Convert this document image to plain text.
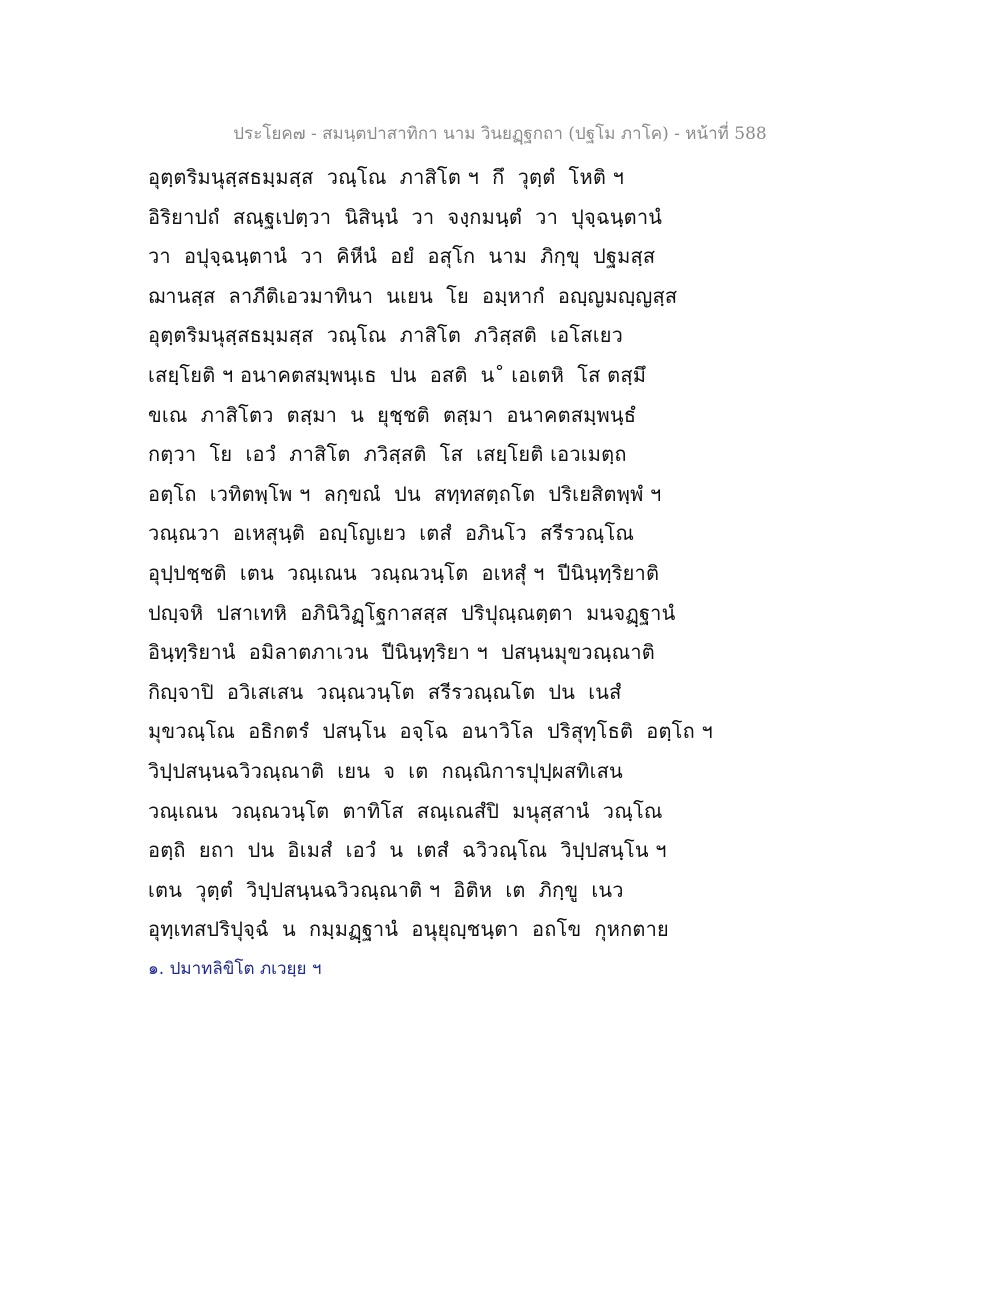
ประโยค๗ - สมนฺตปาสาทิกา นาม วินยฏฺฐกถา (ปฐโม ภาโค) - หน้าที่ 588
อุตฺตริมนุสฺสธมฺมสฺส  วณฺโณ  ภาสิโต ฯ  กึ  วุตฺตํ  โหติ ฯ
อิริยาปถํ  สณฺฐเปตฺวา  นิสินฺนํ  วา  จงฺกมนฺตํ  วา  ปุจฺฉนฺตานํ
วา  อปุจฺฉนฺตานํ  วา  คิหีนํ  อยํ  อสุโก  นาม  ภิกฺขุ  ปฐมสฺส
ฌานสฺส  ลาภีติเอวมาทินา  นเยน  โย  อมฺหากํ  อญฺญมญฺญสฺส
อุตฺตริมนุสฺสธมฺมสฺส  วณฺโณ  ภาสิโต  ภวิสฺสติ  เอโสเยว
เสยฺโยติ ฯ อนาคตสมฺพนฺเธ  ปน  อสติ  น˚ เอเตหิ  โส ตสฺมึ
ขเณ  ภาสิโตว  ตสฺมา  น  ยุชฺชติ  ตสฺมา  อนาคตสมฺพนฺธํ
กตฺวา  โย  เอวํ  ภาสิโต  ภวิสฺสติ  โส  เสยฺโยติ เอวเมตฺถ
อตฺโถ  เวทิตพฺโพ ฯ  ลกฺขณํ  ปน  สทฺทสตฺถโต  ปริเยสิตพฺพํ ฯ
วณฺณวา  อเหสุนฺติ  อญฺโญเยว  เตสํ  อภินโว  สรีรวณฺโณ
อุปฺปชฺชติ  เตน  วณฺเณน  วณฺณวนฺโต  อเหสุํ ฯ  ปีนินฺทฺริยาติ
ปญฺจหิ  ปสาเทหิ  อภินิวิฏฺโฐกาสสฺส  ปริปุณฺณตฺตา  มนจฏฺฐานํ
อินฺทฺริยานํ  อมิลาตภาเวน  ปีนินฺทฺริยา ฯ  ปสนฺนมุขวณฺณาติ
กิญฺจาปิ  อวิเสเสน  วณฺณวนฺโต  สรีรวณฺณโต  ปน  เนสํ
มุขวณฺโณ  อธิกตรํ  ปสนฺโน  อจฺโฉ  อนาวิโล  ปริสุทฺโธติ  อตฺโถ ฯ
วิปฺปสนฺนฉวิวณฺณาติ  เยน  จ  เต  กณฺณิการปุปฺผสทิเสน
วณฺเณน  วณฺณวนฺโต  ตาทิโส  สณฺเณสํปิ  มนุสฺสานํ  วณฺโณ
อตฺถิ  ยถา  ปน  อิเมสํ  เอวํ  น  เตสํ  ฉวิวณฺโณ  วิปฺปสนฺโน ฯ
เตน  วุตฺตํ  วิปฺปสนฺนฉวิวณฺณาติ ฯ  อิติห  เต  ภิกฺขู  เนว
อุทฺเทสปริปุจฺฉํ  น  กมฺมฏฺฐานํ  อนุยุญฺชนฺตา  อถโข  กุหกตาย
๑. ปมาทลิขิโต ภเวยฺย ฯ
